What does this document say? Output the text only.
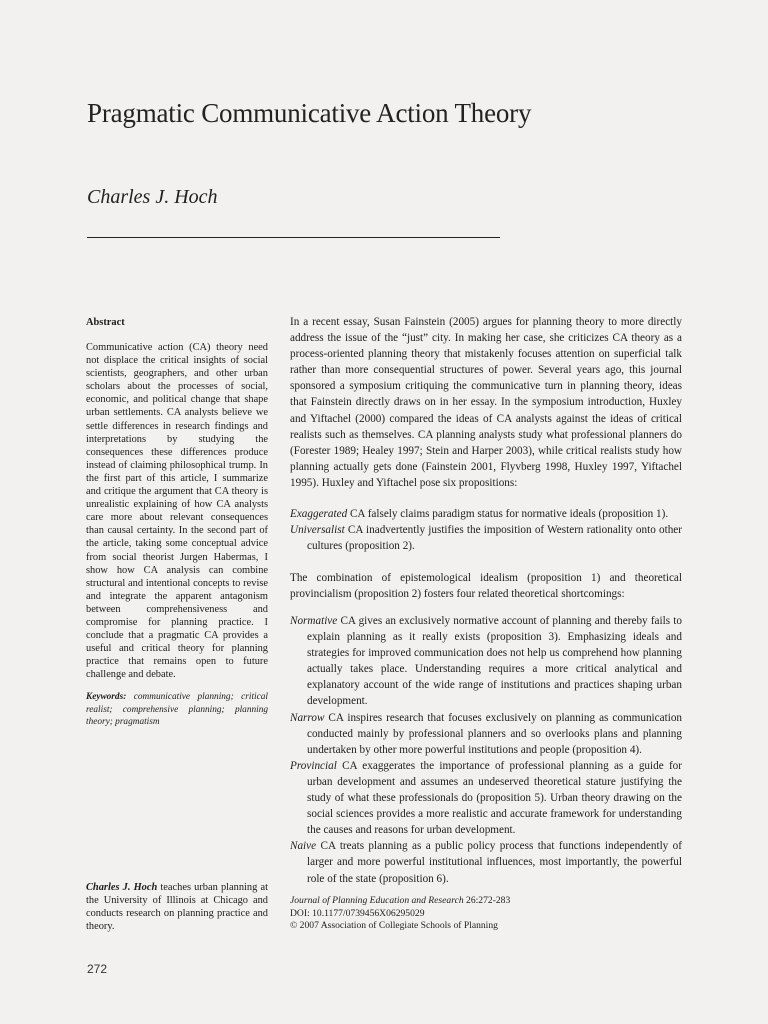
Pragmatic Communicative Action Theory
Charles J. Hoch
Abstract
Communicative action (CA) theory need not displace the critical insights of social scientists, geographers, and other urban scholars about the processes of social, economic, and political change that shape urban settlements. CA analysts believe we settle differences in research findings and interpretations by studying the consequences these differences produce instead of claiming philosophical trump. In the first part of this article, I summarize and critique the argument that CA theory is unrealistic explaining of how CA analysts care more about relevant consequences than causal certainty. In the second part of the article, taking some conceptual advice from social theorist Jurgen Habermas, I show how CA analysis can combine structural and intentional concepts to revise and integrate the apparent antagonism between comprehensiveness and compromise for planning practice. I conclude that a pragmatic CA provides a useful and critical theory for planning practice that remains open to future challenge and debate.
Keywords: communicative planning; critical realist; comprehensive planning; planning theory; pragmatism
Charles J. Hoch teaches urban planning at the University of Illinois at Chicago and conducts research on planning practice and theory.
In a recent essay, Susan Fainstein (2005) argues for planning theory to more directly address the issue of the “just” city. In making her case, she criticizes CA theory as a process-oriented planning theory that mistakenly focuses attention on superficial talk rather than more consequential structures of power. Several years ago, this journal sponsored a symposium critiquing the communicative turn in planning theory, ideas that Fainstein directly draws on in her essay. In the symposium introduction, Huxley and Yiftachel (2000) compared the ideas of CA analysts against the ideas of critical realists such as themselves. CA planning analysts study what professional planners do (Forester 1989; Healey 1997; Stein and Harper 2003), while critical realists study how planning actually gets done (Fainstein 2001, Flyvberg 1998, Huxley 1997, Yiftachel 1995). Huxley and Yiftachel pose six propositions:
Exaggerated CA falsely claims paradigm status for normative ideals (proposition 1).
Universalist CA inadvertently justifies the imposition of Western rationality onto other cultures (proposition 2).
The combination of epistemological idealism (proposition 1) and theoretical provincialism (proposition 2) fosters four related theoretical shortcomings:
Normative CA gives an exclusively normative account of planning and thereby fails to explain planning as it really exists (proposition 3). Emphasizing ideals and strategies for improved communication does not help us comprehend how planning actually takes place. Understanding requires a more critical analytical and explanatory account of the wide range of institutions and practices shaping urban development.
Narrow CA inspires research that focuses exclusively on planning as communication conducted mainly by professional planners and so overlooks plans and planning undertaken by other more powerful institutions and people (proposition 4).
Provincial CA exaggerates the importance of professional planning as a guide for urban development and assumes an undeserved theoretical stature justifying the study of what these professionals do (proposition 5). Urban theory drawing on the social sciences provides a more realistic and accurate framework for understanding the causes and reasons for urban development.
Naive CA treats planning as a public policy process that functions independently of larger and more powerful institutional influences, most importantly, the powerful role of the state (proposition 6).
Journal of Planning Education and Research 26:272-283
DOI: 10.1177/0739456X06295029
© 2007 Association of Collegiate Schools of Planning
272
